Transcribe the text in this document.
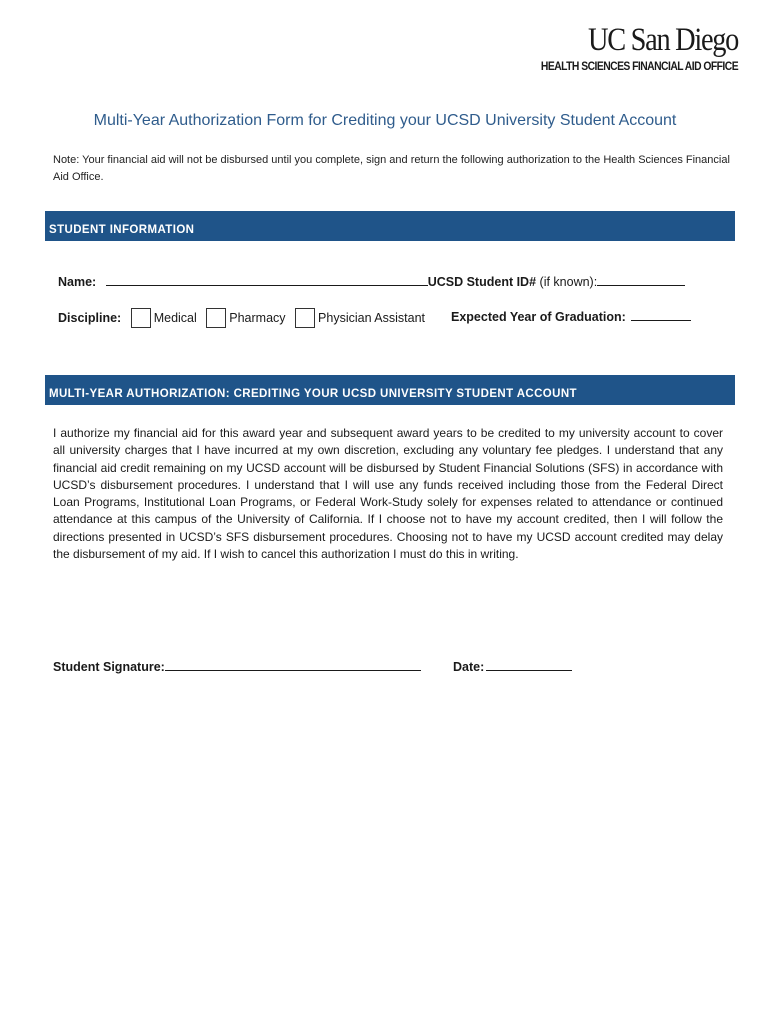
UC San Diego
HEALTH SCIENCES FINANCIAL AID OFFICE
Multi-Year Authorization Form for Crediting your UCSD University Student Account
Note: Your financial aid will not be disbursed until you complete, sign and return the following authorization to the Health Sciences Financial Aid Office.
STUDENT INFORMATION
Name:	UCSD Student ID# (if known):
Discipline:	Medical	Pharmacy	Physician Assistant Expected Year of Graduation:
MULTI-YEAR AUTHORIZATION: CREDITING YOUR UCSD UNIVERSITY STUDENT ACCOUNT
I authorize my financial aid for this award year and subsequent award years to be credited to my university account to cover all university charges that I have incurred at my own discretion, excluding any voluntary fee pledges. I understand that any financial aid credit remaining on my UCSD account will be disbursed by Student Financial Solutions (SFS) in accordance with UCSD’s disbursement procedures. I understand that I will use any funds received including those from the Federal Direct Loan Programs, Institutional Loan Programs, or Federal Work-Study solely for expenses related to attendance or continued attendance at this campus of the University of California. If I choose not to have my account credited, then I will follow the directions presented in UCSD’s SFS disbursement procedures. Choosing not to have my UCSD account credited may delay the disbursement of my aid. If I wish to cancel this authorization I must do this in writing.
Student Signature:	Date:
